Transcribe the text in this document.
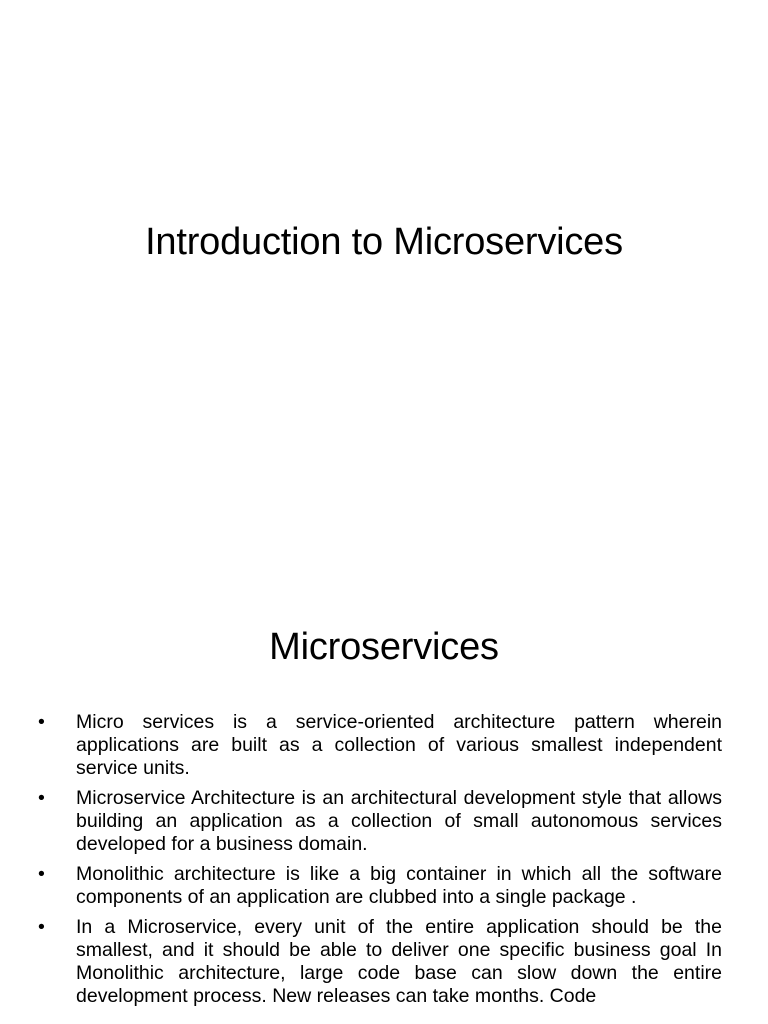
Introduction to Microservices
Microservices
•	Micro services is a service-oriented architecture pattern wherein applications are built as a collection of various smallest independent service units.
•	Microservice Architecture is an architectural development style that allows building an application as a collection of small autonomous services developed for a business domain.
•	Monolithic architecture is like a big container in which all the software components of an application are clubbed into a single package .
•	In a Microservice, every unit of the entire application should be the smallest, and it should be able to deliver one specific business goal In Monolithic architecture, large code base can slow down the entire development process. New releases can take months. Code
